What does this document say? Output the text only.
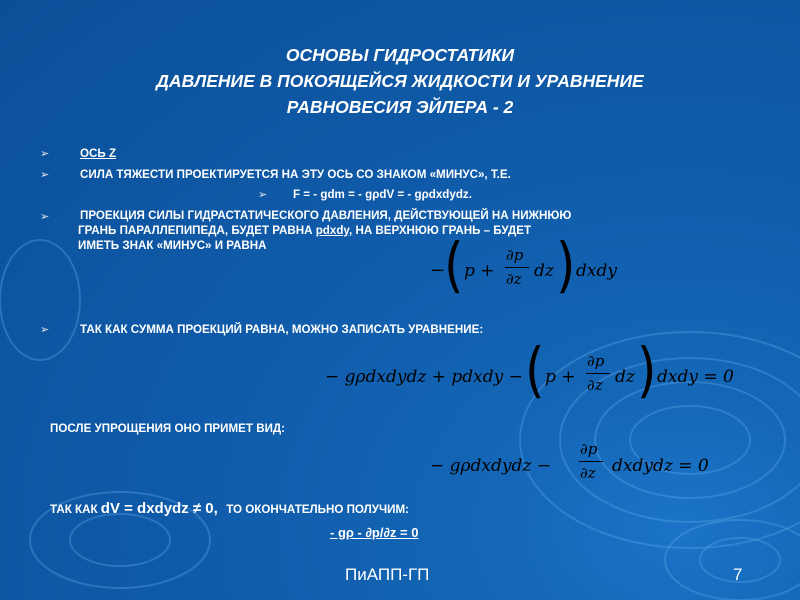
ОСНОВЫ ГИДРОСТАТИКИ
ДАВЛЕНИЕ В ПОКОЯЩЕЙСЯ ЖИДКОСТИ И УРАВНЕНИЕ
РАВНОВЕСИЯ ЭЙЛЕРА - 2
➢	ОСЬ Z
➢	СИЛА ТЯЖЕСТИ ПРОЕКТИРУЕТСЯ НА ЭТУ ОСЬ СО ЗНАКОМ «МИНУС», Т.Е.
➢ F = - gdm = - gρdV = - gρdxdydz.
➢	ПРОЕКЦИЯ СИЛЫ ГИДРАСТАТИЧЕСКОГО ДАВЛЕНИЯ, ДЕЙСТВУЮЩЕЙ НА НИЖНЮЮ
ГРАНЬ ПАРАЛЛЕПИПЕДА, БУДЕТ РАВНА pdxdy, НА ВЕРХНЮЮ ГРАНЬ – БУДЕТ
ИМЕТЬ ЗНАК «МИНУС» И РАВНА
−
( p +
∂p
∂z dz ) dxdy
➢	ТАК КАК СУММА ПРОЕКЦИЙ РАВНА, МОЖНО ЗАПИСАТЬ УРАВНЕНИЕ:
− gρdxdydz + pdxdy − ( p +
∂p
∂z dz ) dxdy = 0
ПОСЛЕ УПРОЩЕНИЯ ОНО ПРИМЕТ ВИД:
− gρdxdydz −
∂p
∂z dxdydz = 0
ТАК КАК dV = dxdydz ≠ 0, ТО ОКОНЧАТЕЛЬНО ПОЛУЧИМ:
- gρ - ∂p/∂z = 0
ПиАПП-ГП	7
